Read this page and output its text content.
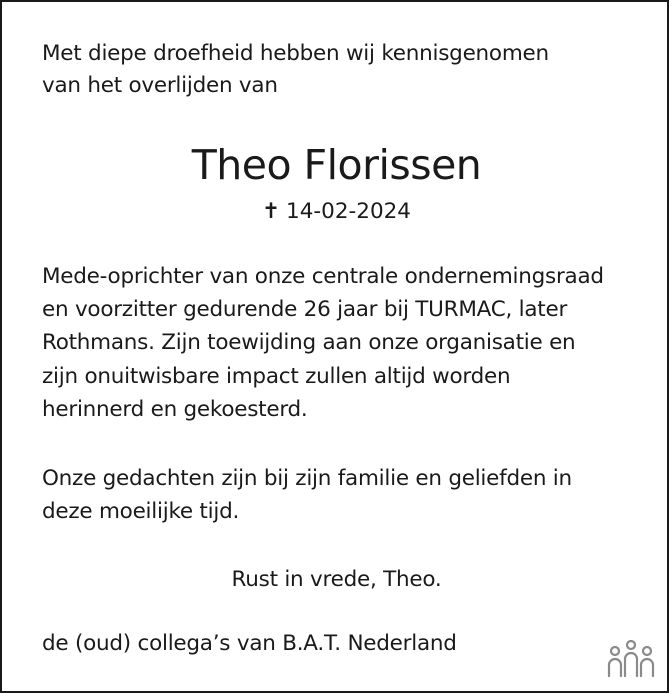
Met diepe droefheid hebben wij kennisgenomen
van het overlijden van
Theo Florissen
✝ 14-02-2024
Mede-oprichter van onze centrale ondernemingsraad
en voorzitter gedurende 26 jaar bij TURMAC, later
Rothmans. Zijn toewijding aan onze organisatie en
zijn onuitwisbare impact zullen altijd worden
herinnerd en gekoesterd.
Onze gedachten zijn bij zijn familie en geliefden in
deze moeilijke tijd.
Rust in vrede, Theo.
de (oud) collega’s van B.A.T. Nederland
